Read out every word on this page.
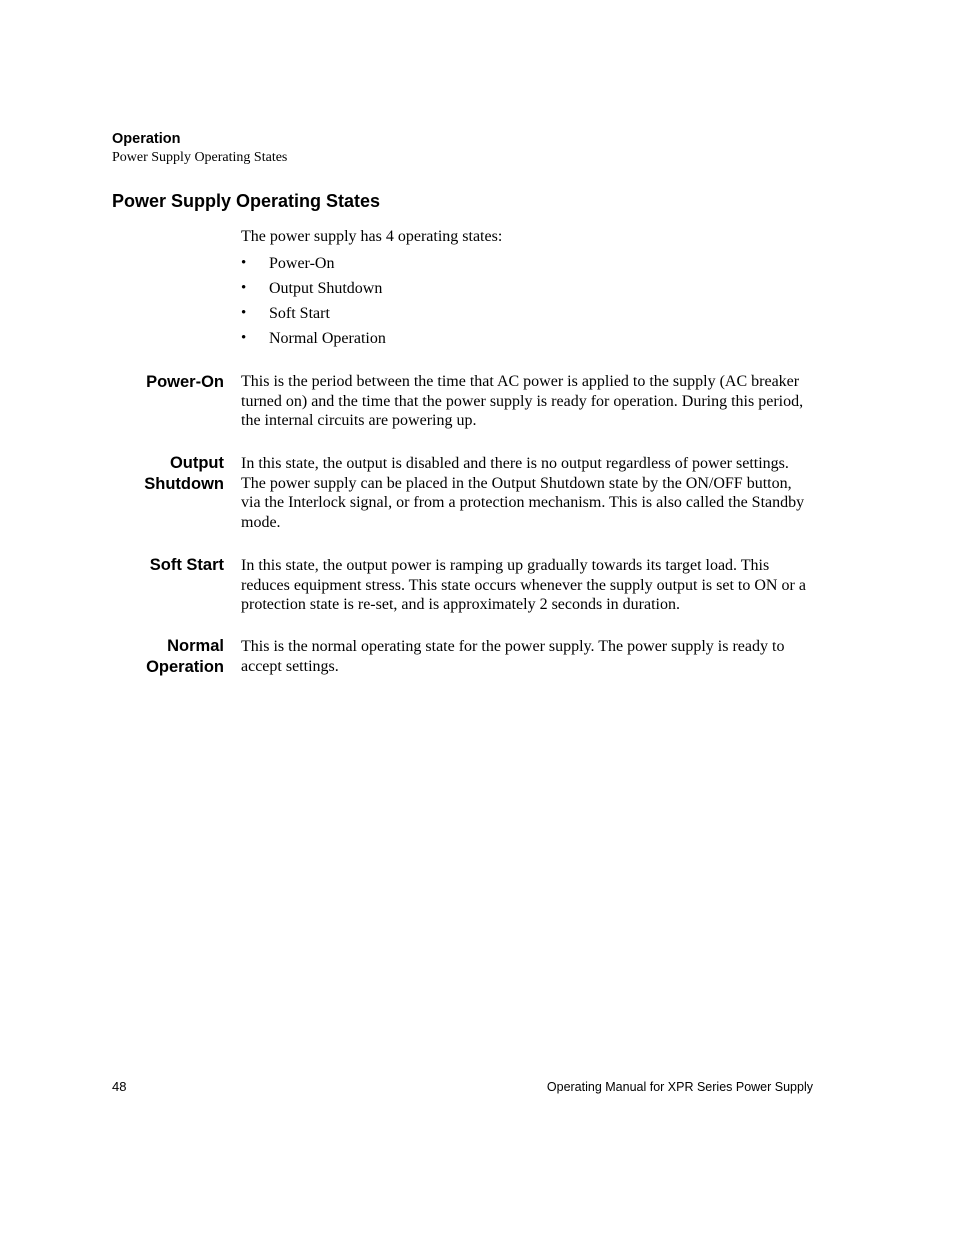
Operation
Power Supply Operating States
Power Supply Operating States
The power supply has 4 operating states:
• Power-On
• Output Shutdown
• Soft Start
• Normal Operation
Power-On This is the period between the time that AC power is applied to the supply (AC breaker turned on) and the time that the power supply is ready for operation. During this period, the internal circuits are powering up.

Output
Shutdown

In this state, the output is disabled and there is no output regardless of power settings. The power supply can be placed in the Output Shutdown state by the ON/OFF button, via the Interlock signal, or from a protection mechanism. This is also called the Standby mode.

Soft Start In this state, the output power is ramping up gradually towards its target load. This reduces equipment stress. This state occurs whenever the supply output is set to ON or a protection state is re-set, and is approximately 2 seconds in duration.

Normal
Operation

This is the normal operating state for the power supply. The power supply is ready to accept settings.

48	Operating Manual for XPR Series Power Supply
